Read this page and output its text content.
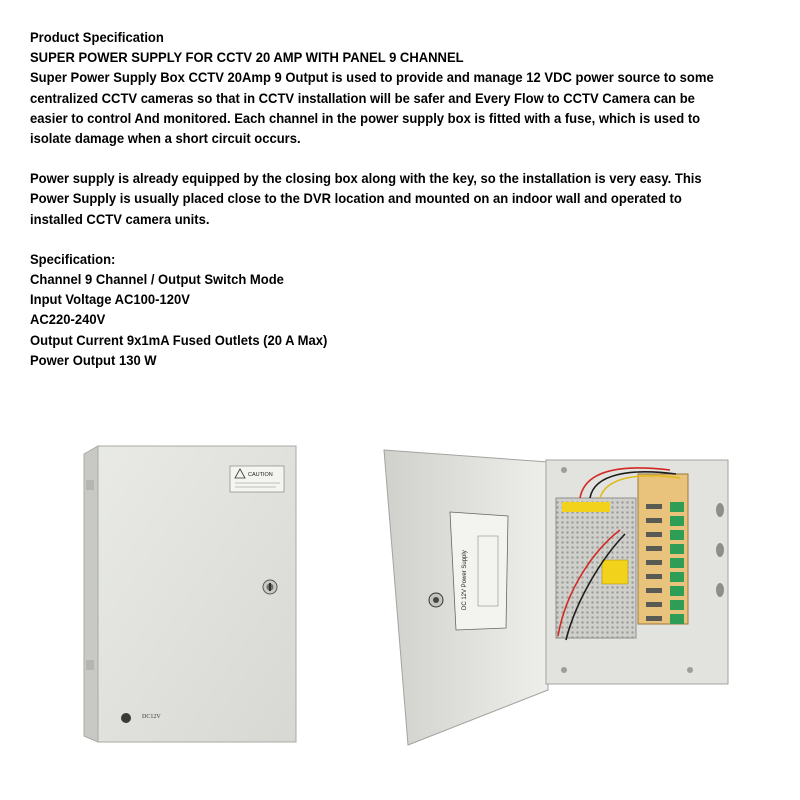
Product Specification

SUPER POWER SUPPLY FOR CCTV 20 AMP WITH PANEL 9 CHANNEL

Super Power Supply Box CCTV 20Amp 9 Output is used to provide and manage 12 VDC power source to some

centralized CCTV cameras so that in CCTV installation will be safer and Every Flow to CCTV Camera can be

easier to control And monitored. Each channel in the power supply box is fitted with a fuse, which is used to

isolate damage when a short circuit occurs.

Power supply is already equipped by the closing box along with the key, so the installation is very easy. This

Power Supply is usually placed close to the DVR location and mounted on an indoor wall and operated to

installed CCTV camera units.

Specification:

Channel 9 Channel / Output Switch Mode

Input Voltage AC100-120V

AC220-240V

Output Current 9x1mA Fused Outlets (20 A Max)

Power Output 130 W

CAUTION
DC12V
DC 12V Power Supply
